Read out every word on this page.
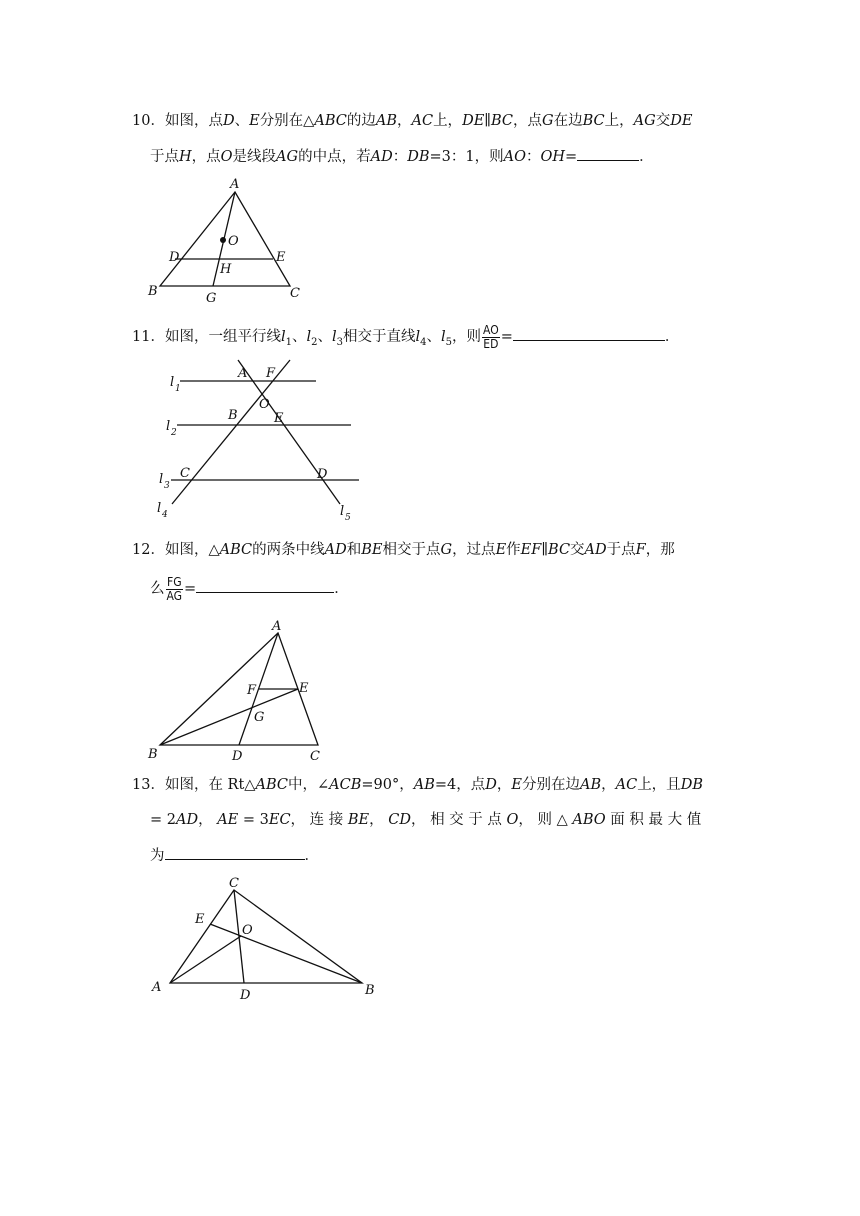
10．如图，点D、E分别在△ABC的边AB，AC上，DE∥BC，点G在边BC上，AG交DE
于点H，点O是线段AG的中点，若AD：DB=3：1，则AO：OH=	．
A
O
D	E
H
B	G	C
11．如图，一组平行线$l_1$、$l_2$、$l_3$相交于直线$l_4$、$l_5$，则 $\frac{AO}{ED}$ =	．
A F
O
B	E
C	D
l 1
l 2
l 3
l 4	l 5
12．如图，△ABC的两条中线AD和BE相交于点G，过点E作EF∥BC交AD于点F，那
么 $\frac{FG}{AG}$ =	．
A
F	E
G
B	D	C
13．如图，在 Rt△ABC中，∠ACB=90°，AB=4，点D，E分别在边AB，AC上，且DB
= 2AD， AE = 3EC， 连 接 BE， CD， 相 交 于 点 O， 则 △ ABO 面 积 最 大 值
为	．
C
E
O
A
D	B
